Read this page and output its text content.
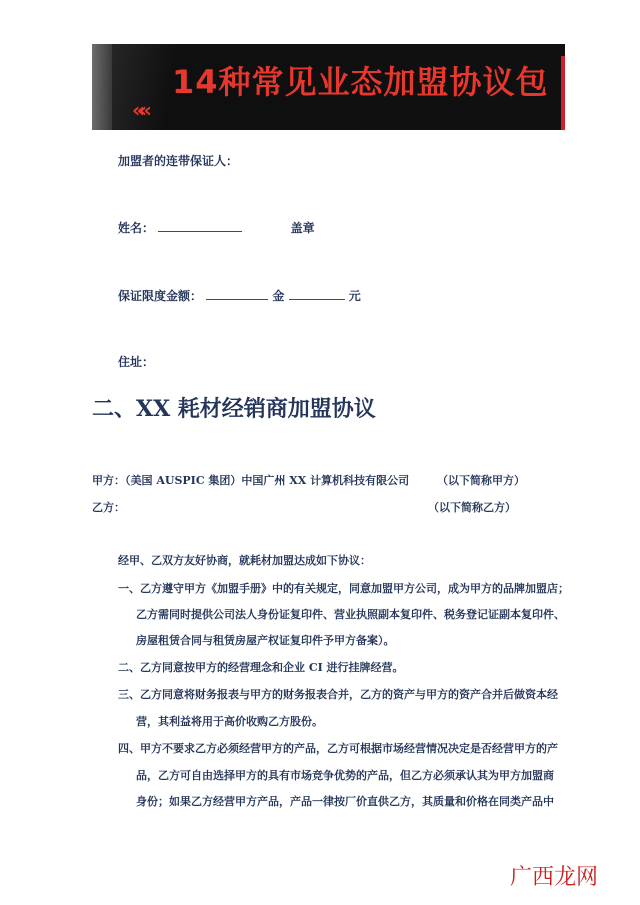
««
14种常见业态加盟协议包
加盟者的连带保证人：
姓名：	盖章
保证限度金额：	金	元
住址：
二、XX 耗材经销商加盟协议
甲方：（美国 AUSPIC 集团）中国广州 XX 计算机科技有限公司	（以下简称甲方）
乙方：	（以下简称乙方）
经甲、乙双方友好协商，就耗材加盟达成如下协议：
一、乙方遵守甲方《加盟手册》中的有关规定，同意加盟甲方公司，成为甲方的品牌加盟店；
乙方需同时提供公司法人身份证复印件、营业执照副本复印件、税务登记证副本复印件、
房屋租赁合同与租赁房屋产权证复印件予甲方备案）。
二、乙方同意按甲方的经营理念和企业 CI 进行挂牌经营。
三、乙方同意将财务报表与甲方的财务报表合并，乙方的资产与甲方的资产合并后做资本经
营，其利益将用于高价收购乙方股份。
四、甲方不要求乙方必须经营甲方的产品，乙方可根据市场经营情况决定是否经营甲方的产
品，乙方可自由选择甲方的具有市场竞争优势的产品，但乙方必须承认其为甲方加盟商
身份；如果乙方经营甲方产品，产品一律按厂价直供乙方，其质量和价格在同类产品中
广西龙网
